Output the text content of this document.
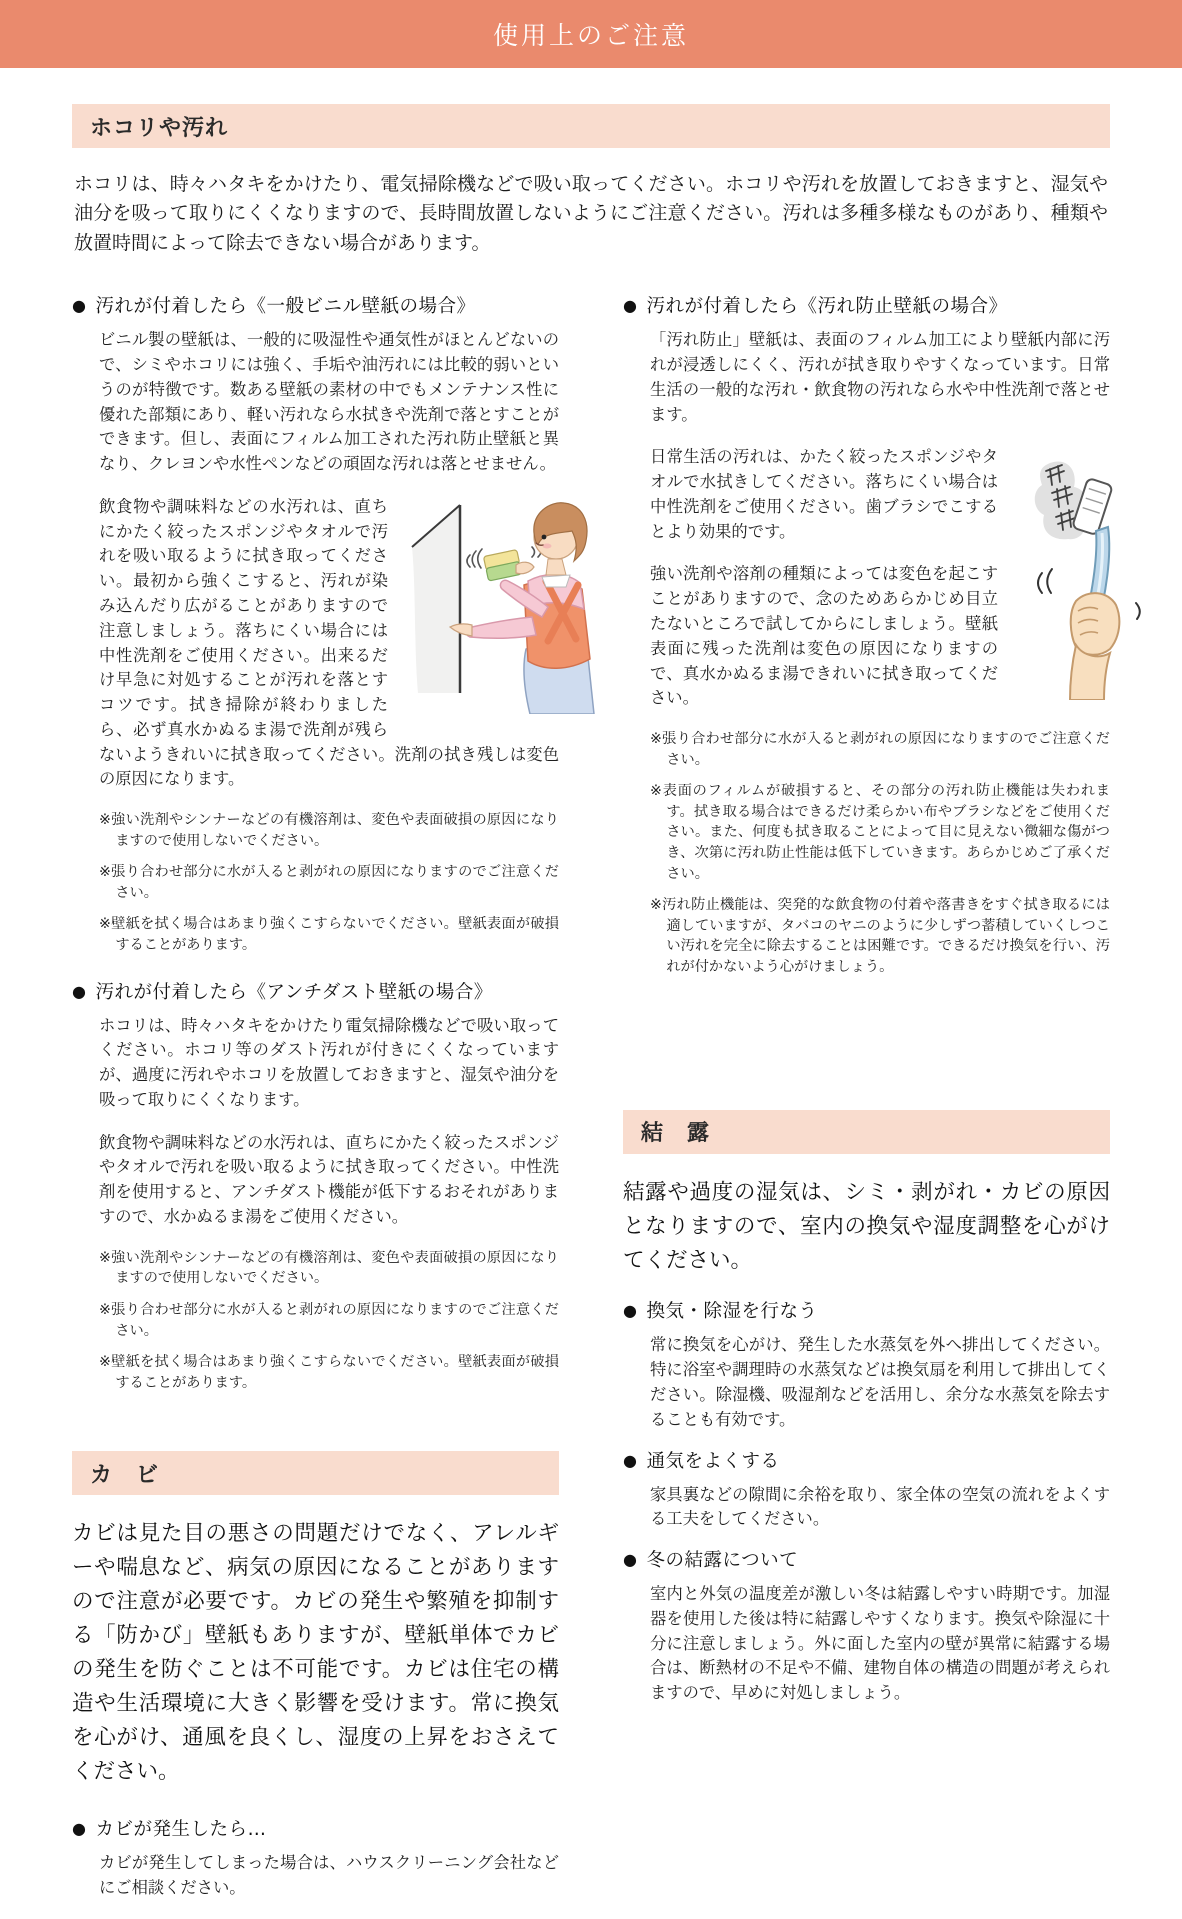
使用上のご注意
ホコリや汚れ

ホコリは、時々ハタキをかけたり、電気掃除機などで吸い取ってください。ホコリや汚れを放置しておきますと、湿気や油分を吸って取りにくくなりますので、長時間放置しないようにご注意ください。汚れは多種多様なものがあり、種類や放置時間によって除去できない場合があります。

● 汚れが付着したら《一般ビニル壁紙の場合》

ビニル製の壁紙は、一般的に吸湿性や通気性がほとんどないので、シミやホコリには強く、手垢や油汚れには比較的弱いというのが特徴です。数ある壁紙の素材の中でもメンテナンス性に優れた部類にあり、軽い汚れなら水拭きや洗剤で落とすことができます。但し、表面にフィルム加工された汚れ防止壁紙と異なり、クレヨンや水性ペンなどの頑固な汚れは落とせません。

飲食物や調味料などの水汚れは、直ちにかたく絞ったスポンジやタオルで汚れを吸い取るように拭き取ってください。最初から強くこすると、汚れが染み込んだり広がることがありますので注意しましょう。落ちにくい場合には中性洗剤をご使用ください。出来るだけ早急に対処することが汚れを落とすコツです。拭き掃除が終わりましたら、必ず真水かぬるま湯で洗剤が残らないようきれいに拭き取ってください。洗剤の拭き残しは変色の原因になります。

※強い洗剤やシンナーなどの有機溶剤は、変色や表面破損の原因になりますので使用しないでください。

※張り合わせ部分に水が入ると剥がれの原因になりますのでご注意ください。

※壁紙を拭く場合はあまり強くこすらないでください。壁紙表面が破損することがあります。

● 汚れが付着したら《アンチダスト壁紙の場合》

ホコリは、時々ハタキをかけたり電気掃除機などで吸い取ってください。ホコリ等のダスト汚れが付きにくくなっていますが、過度に汚れやホコリを放置しておきますと、湿気や油分を吸って取りにくくなります。

飲食物や調味料などの水汚れは、直ちにかたく絞ったスポンジやタオルで汚れを吸い取るように拭き取ってください。中性洗剤を使用すると、アンチダスト機能が低下するおそれがありますので、水かぬるま湯をご使用ください。

※強い洗剤やシンナーなどの有機溶剤は、変色や表面破損の原因になりますので使用しないでください。

※張り合わせ部分に水が入ると剥がれの原因になりますのでご注意ください。

※壁紙を拭く場合はあまり強くこすらないでください。壁紙表面が破損することがあります。

カ　ビ

カビは見た目の悪さの問題だけでなく、アレルギーや喘息など、病気の原因になることがありますので注意が必要です。カビの発生や繁殖を抑制する「防かび」壁紙もありますが、壁紙単体でカビの発生を防ぐことは不可能です。カビは住宅の構造や生活環境に大きく影響を受けます。常に換気を心がけ、通風を良くし、湿度の上昇をおさえてください。

● カビが発生したら…

カビが発生してしまった場合は、ハウスクリーニング会社などにご相談ください。

● 汚れが付着したら《汚れ防止壁紙の場合》

「汚れ防止」壁紙は、表面のフィルム加工により壁紙内部に汚れが浸透しにくく、汚れが拭き取りやすくなっています。日常生活の一般的な汚れ・飲食物の汚れなら水や中性洗剤で落とせます。

日常生活の汚れは、かたく絞ったスポンジやタオルで水拭きしてください。落ちにくい場合は中性洗剤をご使用ください。歯ブラシでこするとより効果的です。

強い洗剤や溶剤の種類によっては変色を起こすことがありますので、念のためあらかじめ目立たないところで試してからにしましょう。壁紙表面に残った洗剤は変色の原因になりますので、真水かぬるま湯できれいに拭き取ってください。

※張り合わせ部分に水が入ると剥がれの原因になりますのでご注意ください。

※表面のフィルムが破損すると、その部分の汚れ防止機能は失われます。拭き取る場合はできるだけ柔らかい布やブラシなどをご使用ください。また、何度も拭き取ることによって目に見えない微細な傷がつき、次第に汚れ防止性能は低下していきます。あらかじめご了承ください。

※汚れ防止機能は、突発的な飲食物の付着や落書きをすぐ拭き取るには適していますが、タバコのヤニのように少しずつ蓄積していくしつこい汚れを完全に除去することは困難です。できるだけ換気を行い、汚れが付かないよう心がけましょう。

結　露

結露や過度の湿気は、シミ・剥がれ・カビの原因となりますので、室内の換気や湿度調整を心がけてください。

● 換気・除湿を行なう

常に換気を心がけ、発生した水蒸気を外へ排出してください。特に浴室や調理時の水蒸気などは換気扇を利用して排出してください。除湿機、吸湿剤などを活用し、余分な水蒸気を除去することも有効です。

● 通気をよくする

家具裏などの隙間に余裕を取り、家全体の空気の流れをよくする工夫をしてください。

● 冬の結露について

室内と外気の温度差が激しい冬は結露しやすい時期です。加湿器を使用した後は特に結露しやすくなります。換気や除湿に十分に注意しましょう。外に面した室内の壁が異常に結露する場合は、断熱材の不足や不備、建物自体の構造の問題が考えられますので、早めに対処しましょう。
